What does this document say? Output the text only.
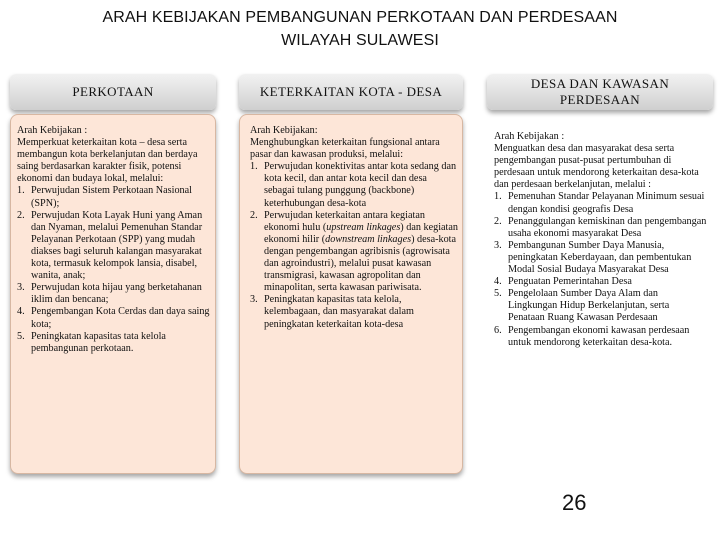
ARAH KEBIJAKAN PEMBANGUNAN PERKOTAAN DAN PERDESAAN
WILAYAH SULAWESI
PERKOTAAN	KETERKAITAN KOTA - DESA
DESA DAN KAWASAN PERDESAAN

Arah Kebijakan :

Memperkuat keterkaitan kota – desa serta membangun kota berkelanjutan dan berdaya saing berdasarkan karakter fisik, potensi ekonomi dan budaya lokal, melalui:

1. Perwujudan Sistem Perkotaan Nasional (SPN);
2. Perwujudan Kota Layak Huni yang Aman dan Nyaman, melalui Pemenuhan Standar Pelayanan Perkotaan (SPP) yang mudah diakses bagi seluruh kalangan masyarakat kota, termasuk kelompok lansia, disabel, wanita, anak;
3. Perwujudan kota hijau yang berketahanan iklim dan bencana;
4. Pengembangan Kota Cerdas dan daya saing kota;
5. Peningkatan kapasitas tata kelola pembangunan perkotaan.

Arah Kebijakan:

Menghubungkan keterkaitan fungsional antara pasar dan kawasan produksi, melalui:

1. Perwujudan konektivitas antar kota sedang dan kota kecil, dan antar kota kecil dan desa sebagai tulang punggung (backbone) keterhubungan desa-kota
2. Perwujudan keterkaitan antara kegiatan ekonomi hulu (upstream linkages) dan kegiatan ekonomi hilir (downstream linkages) desa-kota dengan pengembangan agribisnis (agrowisata dan agroindustri), melalui pusat kawasan transmigrasi, kawasan agropolitan dan minapolitan, serta kawasan pariwisata.
3. Peningkatan kapasitas tata kelola, kelembagaan, dan masyarakat dalam peningkatan keterkaitan kota-desa

Arah Kebijakan :

Menguatkan desa dan masyarakat desa serta pengembangan pusat-pusat pertumbuhan di perdesaan untuk mendorong keterkaitan desa-kota dan perdesaan berkelanjutan, melalui :

1. Pemenuhan Standar Pelayanan Minimum sesuai dengan kondisi geografis Desa
2. Penanggulangan kemiskinan dan pengembangan usaha ekonomi masyarakat Desa
3. Pembangunan Sumber Daya Manusia, peningkatan Keberdayaan, dan pembentukan Modal Sosial Budaya Masyarakat Desa
4. Penguatan Pemerintahan Desa
5. Pengelolaan Sumber Daya Alam dan Lingkungan Hidup Berkelanjutan, serta Penataan Ruang Kawasan Perdesaan
6. Pengembangan ekonomi kawasan perdesaan untuk mendorong keterkaitan desa-kota.
26
